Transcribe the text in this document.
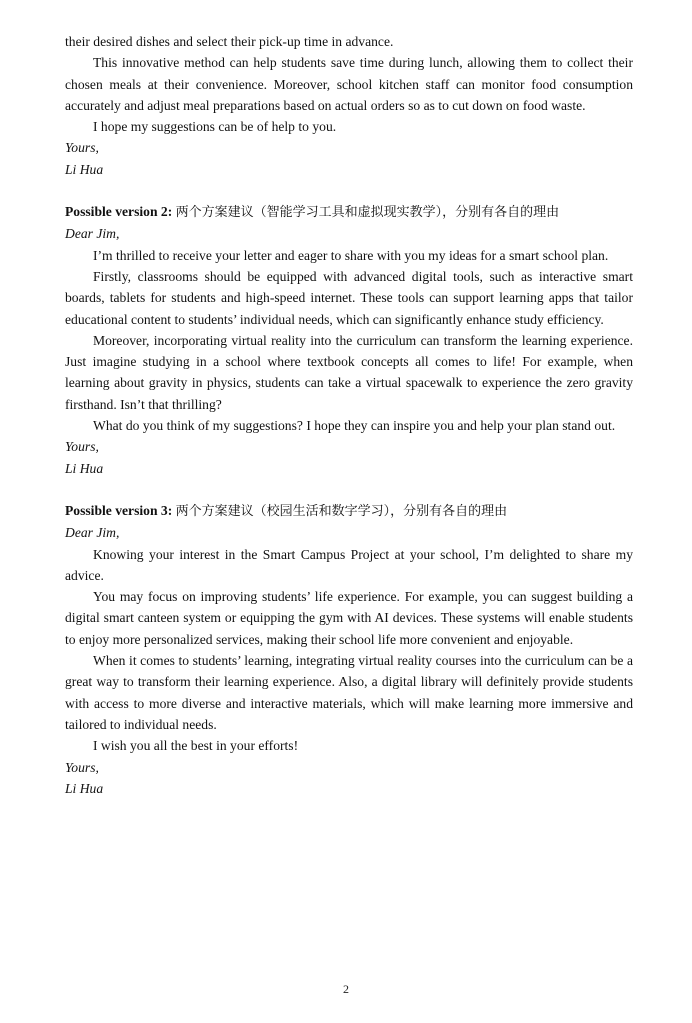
their desired dishes and select their pick-up time in advance.

This innovative method can help students save time during lunch, allowing them to collect their chosen meals at their convenience. Moreover, school kitchen staff can monitor food consumption accurately and adjust meal preparations based on actual orders so as to cut down on food waste.

I hope my suggestions can be of help to you.

Yours,

Li Hua

Possible version 2: 两个方案建议（智能学习工具和虚拟现实教学），分别有各自的理由

Dear Jim,

I’m thrilled to receive your letter and eager to share with you my ideas for a smart school plan.

Firstly, classrooms should be equipped with advanced digital tools, such as interactive smart boards, tablets for students and high-speed internet. These tools can support learning apps that tailor educational content to students’ individual needs, which can significantly enhance study efficiency.

Moreover, incorporating virtual reality into the curriculum can transform the learning experience. Just imagine studying in a school where textbook concepts all comes to life! For example, when learning about gravity in physics, students can take a virtual spacewalk to experience the zero gravity firsthand. Isn’t that thrilling?

What do you think of my suggestions? I hope they can inspire you and help your plan stand out.

Yours,

Li Hua

Possible version 3: 两个方案建议（校园生活和数字学习），分别有各自的理由

Dear Jim,

Knowing your interest in the Smart Campus Project at your school, I’m delighted to share my advice.

You may focus on improving students’ life experience. For example, you can suggest building a digital smart canteen system or equipping the gym with AI devices. These systems will enable students to enjoy more personalized services, making their school life more convenient and enjoyable.

When it comes to students’ learning, integrating virtual reality courses into the curriculum can be a great way to transform their learning experience. Also, a digital library will definitely provide students with access to more diverse and interactive materials, which will make learning more immersive and tailored to individual needs.

I wish you all the best in your efforts!

Yours,

Li Hua

2
